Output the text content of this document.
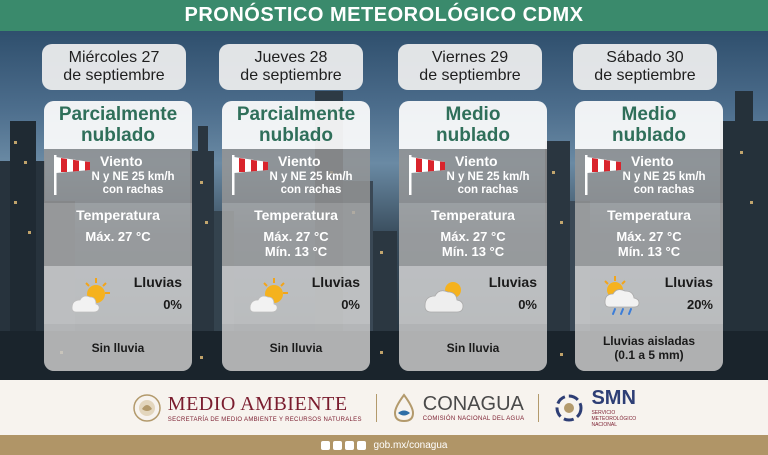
PRONÓSTICO METEOROLÓGICO CDMX
Miércoles 27
de septiembre
Jueves 28
de septiembre
Viernes 29
de septiembre
Sábado 30
de septiembre
Parcialmente
nublado
Viento
N y NE 25 km/h
con rachas
Temperatura
Máx. 27 °C
Lluvias
0%
Sin lluvia
Parcialmente
nublado
Viento
N y NE 25 km/h
con rachas
Temperatura
Máx. 27 °C
Mín. 13 °C
Lluvias
0%
Sin lluvia
Medio
nublado
Viento
N y NE 25 km/h
con rachas
Temperatura
Máx. 27 °C
Mín. 13 °C
Lluvias
0%
Sin lluvia
Medio
nublado
Viento
N y NE 25 km/h
con rachas
Temperatura
Máx. 27 °C
Mín. 13 °C
Lluvias
20%
Lluvias aisladas
(0.1 a 5 mm)
MEDIO AMBIENTE
SECRETARÍA DE MEDIO AMBIENTE Y RECURSOS NATURALES
CONAGUA
COMISIÓN NACIONAL DEL AGUA
SMN
SERVICIO
METEOROLÓGICO
NACIONAL
gob.mx/conagua
